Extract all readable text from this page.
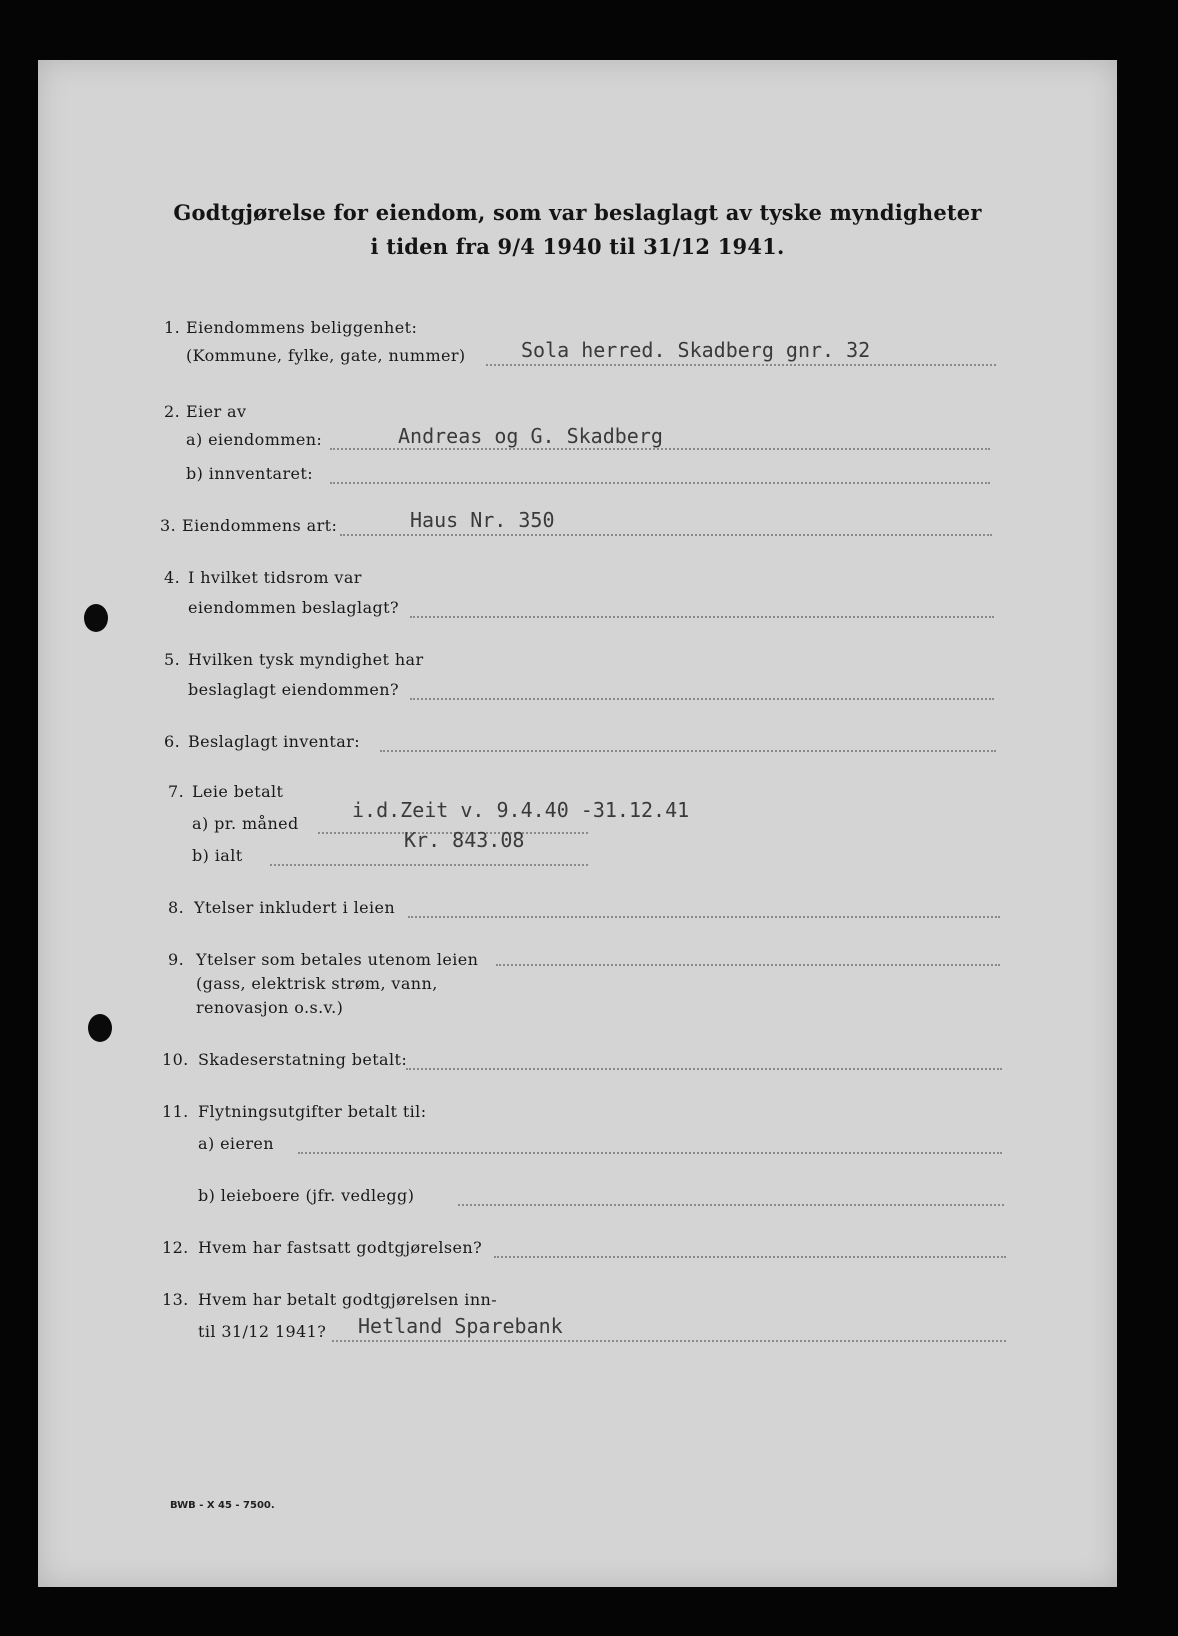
Godtgjørelse for eiendom, som var beslaglagt av tyske myndigheter
i tiden fra 9/4 1940 til 31/12 1941.
1. Eiendommens beliggenhet:
(Kommune, fylke, gate, nummer)	Sola herred. Skadberg gnr. 32
2. Eier av
a) eiendommen:	Andreas og G. Skadberg
b) innventaret:
3. Eiendommens art:	Haus Nr. 350
4. I hvilket tidsrom var
eiendommen beslaglagt?
5. Hvilken tysk myndighet har
beslaglagt eiendommen?
6. Beslaglagt inventar:
7. Leie betalt
a) pr. måned
i.d.Zeit v. 9.4.40 -31.12.41
b) ialt
Kr. 843.08
8. Ytelser inkludert i leien
9. Ytelser som betales utenom leien
(gass, elektrisk strøm, vann,
renovasjon o.s.v.)
10. Skadeserstatning betalt:
11. Flytningsutgifter betalt til:
a) eieren
b) leieboere (jfr. vedlegg)
12. Hvem har fastsatt godtgjørelsen?
13. Hvem har betalt godtgjørelsen inn-
til 31/12 1941? Hetland Sparebank
BWB - X 45 - 7500.
